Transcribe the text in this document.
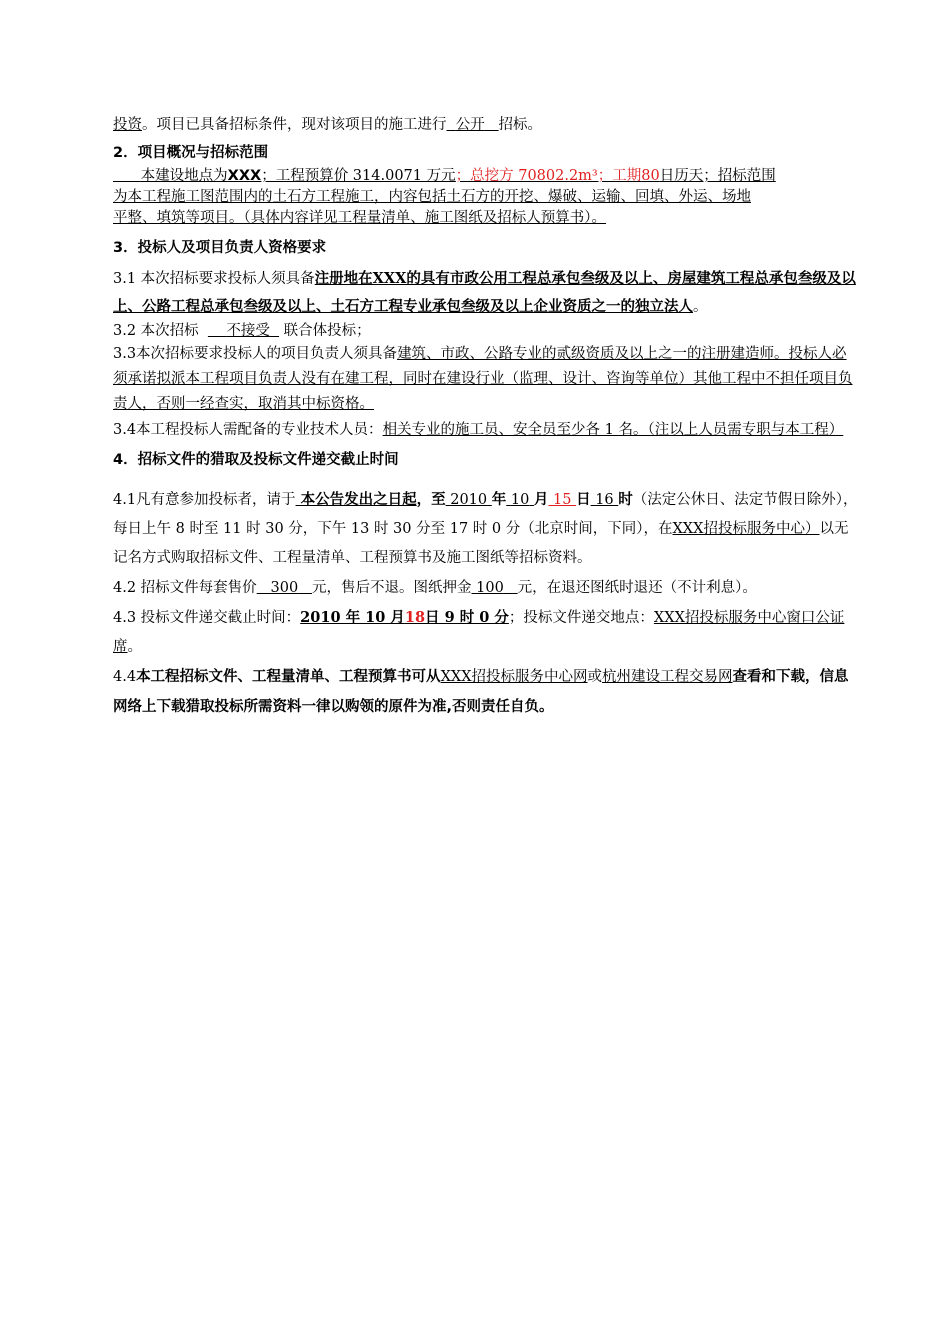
投资。项目已具备招标条件，现对该项目的施工进行 公开 招标。
2．项目概况与招标范围
本建设地点为XXX；工程预算价 314.0071 万元；总挖方 70802.2m³；工期80日历天；招标范围
为本工程施工图范围内的土石方工程施工，内容包括土石方的开挖、爆破、运输、回填、外运、场地
平整、填筑等项目。（具体内容详见工程量清单、施工图纸及招标人预算书）。
3．投标人及项目负责人资格要求
3.1 本次招标要求投标人须具备注册地在XXX的具有市政公用工程总承包叁级及以上、房屋建筑工程总承包叁级及以上、公路工程总承包叁级及以上、土石方工程专业承包叁级及以上企业资质之一的独立法人。
3.2 本次招标 不接受 联合体投标；
3.3本次招标要求投标人的项目负责人须具备建筑、市政、公路专业的贰级资质及以上之一的注册建造师。投标人必须承诺拟派本工程项目负责人没有在建工程，同时在建设行业（监理、设计、咨询等单位）其他工程中不担任项目负责人，否则一经查实，取消其中标资格。
3.4本工程投标人需配备的专业技术人员：相关专业的施工员、安全员至少各 1 名。（注以上人员需专职与本工程）
4．招标文件的猎取及投标文件递交截止时间
4.1凡有意参加投标者，请于 本公告发出之日起，至 2010 年 10 月 15 日 16 时（法定公休日、法定节假日除外），每日上午 8 时至 11 时 30 分，下午 13 时 30 分至 17 时 0 分（北京时间，下同），在XXX招投标服务中心）以无记名方式购取招标文件、工程量清单、工程预算书及施工图纸等招标资料。
4.2 招标文件每套售价 300 元，售后不退。图纸押金 100 元，在退还图纸时退还（不计利息）。
4.3 投标文件递交截止时间：2010 年 10 月18日 9 时 0 分；投标文件递交地点：XXX招投标服务中心窗口公证席。
4.4本工程招标文件、工程量清单、工程预算书可从XXX招投标服务中心网或杭州建设工程交易网查看和下载，信息网络上下载猎取投标所需资料一律以购领的原件为准,否则责任自负。
